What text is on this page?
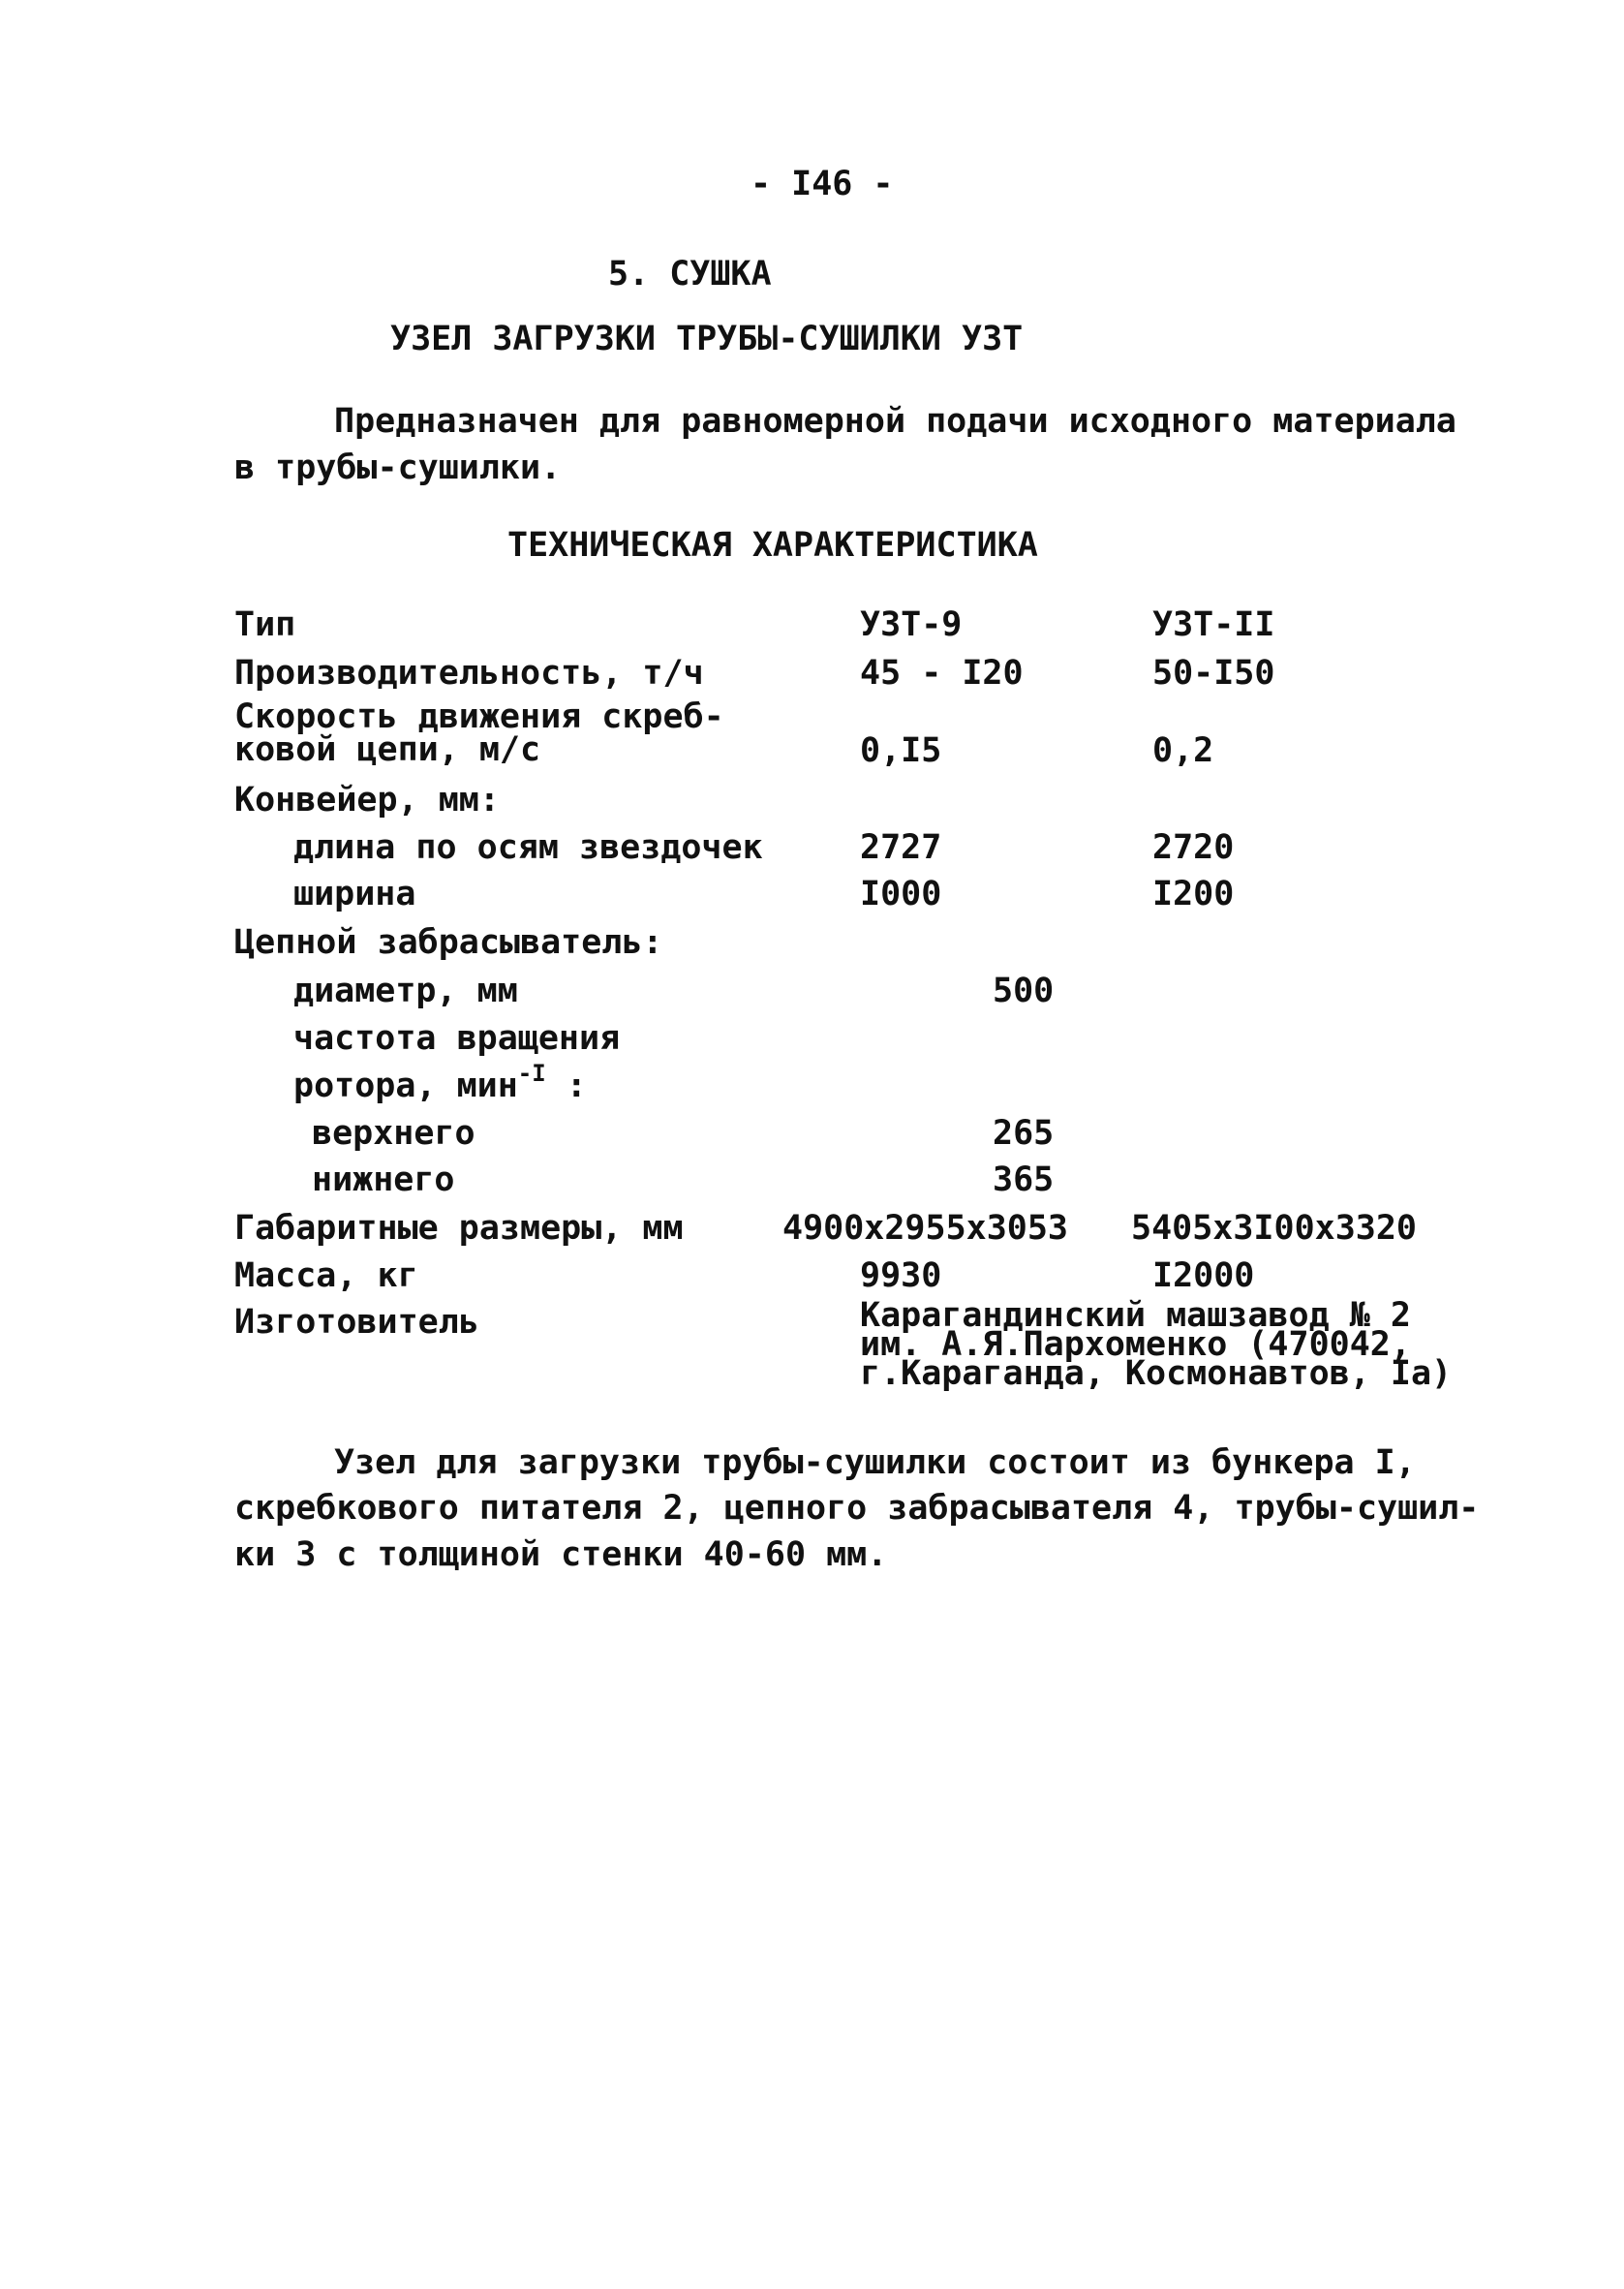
- I46 -
5. СУШКА
УЗЕЛ ЗАГРУЗКИ ТРУБЫ-СУШИЛКИ УЗТ
Предназначен для равномерной подачи исходного материала
в трубы-сушилки.
ТЕХНИЧЕСКАЯ ХАРАКТЕРИСТИКА
Тип	УЗТ-9	УЗТ-II
Производительность, т/ч	45 - I20	50-I50
Скорость движения скреб-
ковой цепи, м/с	0,I5	0,2
Конвейер, мм:
длина по осям звездочек	2727	2720
ширина	I000	I200
Цепной забрасыватель:
диаметр, мм	500
частота вращения
ротора, мин$^{-I}$ :
верхнего	265
нижнего	365
Габаритные размеры, мм	4900x2955x3053 5405x3I00x3320
Масса, кг	9930	I2000
Изготовитель	Карагандинский машзавод № 2
им. А.Я.Пархоменко (470042,
г.Караганда, Космонавтов, Iа)
Узел для загрузки трубы-сушилки состоит из бункера I,
скребкового питателя 2, цепного забрасывателя 4, трубы-сушил-
ки 3 с толщиной стенки 40-60 мм.
